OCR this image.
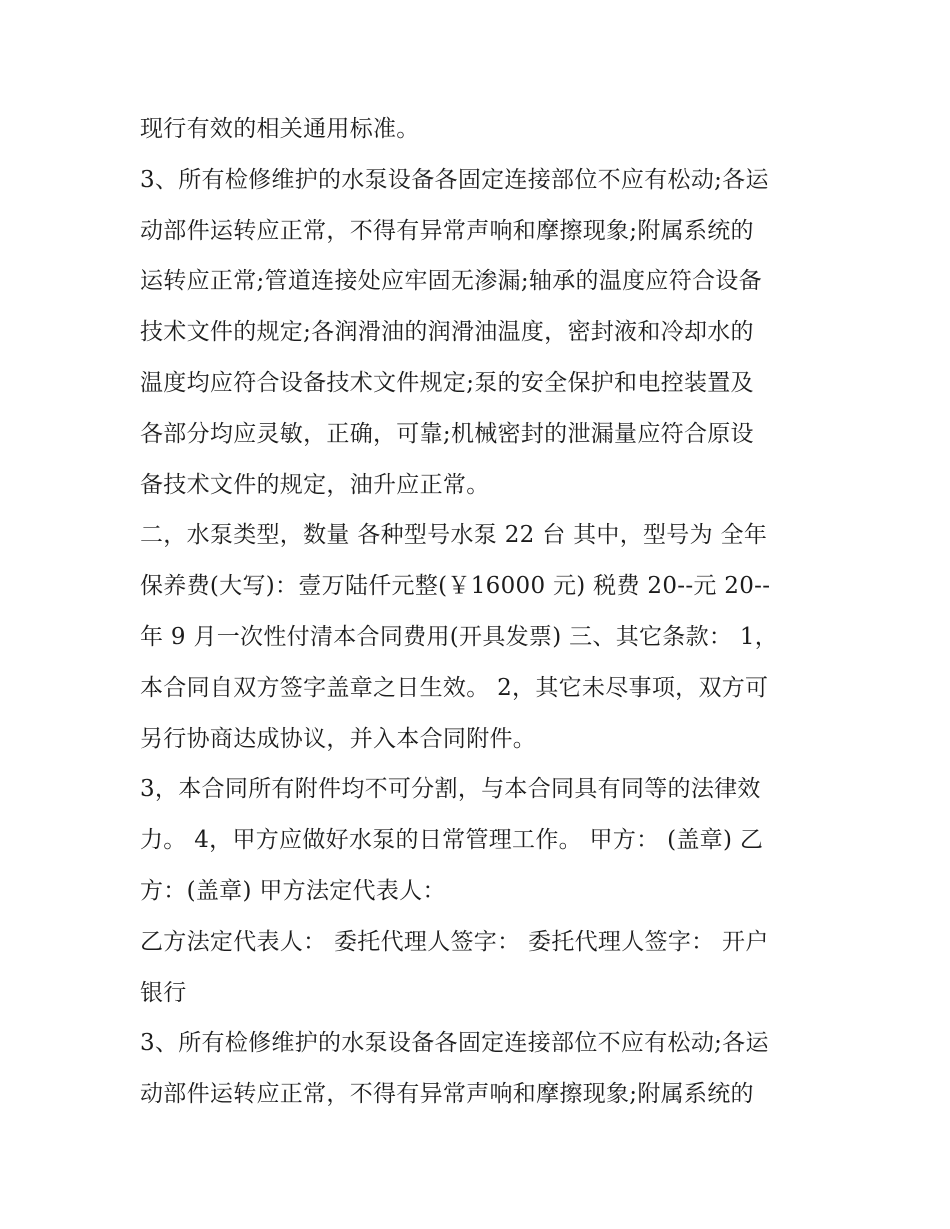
现行有效的相关通用标准。
3、所有检修维护的水泵设备各固定连接部位不应有松动;各运
动部件运转应正常，不得有异常声响和摩擦现象;附属系统的
运转应正常;管道连接处应牢固无渗漏;轴承的温度应符合设备
技术文件的规定;各润滑油的润滑油温度，密封液和冷却水的
温度均应符合设备技术文件规定;泵的安全保护和电控装置及
各部分均应灵敏，正确，可靠;机械密封的泄漏量应符合原设
备技术文件的规定，油升应正常。
二，水泵类型，数量 各种型号水泵 22 台 其中，型号为 全年
保养费(大写)：壹万陆仟元整(￥16000 元) 税费 20--元 20--
年 9 月一次性付清本合同费用(开具发票) 三、其它条款： 1，
本合同自双方签字盖章之日生效。 2，其它未尽事项，双方可
另行协商达成协议，并入本合同附件。
3，本合同所有附件均不可分割，与本合同具有同等的法律效
力。 4，甲方应做好水泵的日常管理工作。 甲方： (盖章) 乙
方：(盖章) 甲方法定代表人：
乙方法定代表人： 委托代理人签字： 委托代理人签字： 开户
银行
3、所有检修维护的水泵设备各固定连接部位不应有松动;各运
动部件运转应正常，不得有异常声响和摩擦现象;附属系统的
